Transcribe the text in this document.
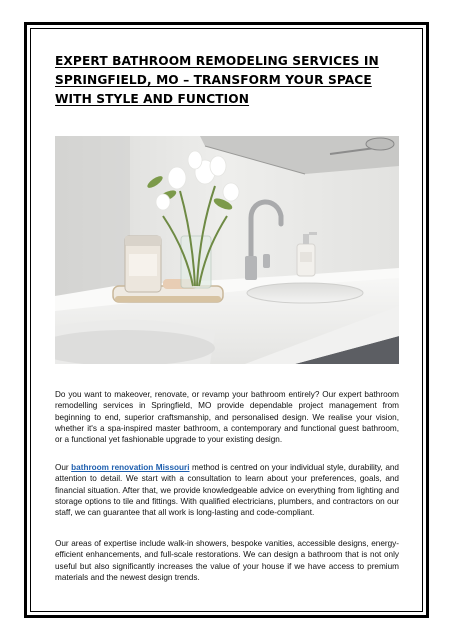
EXPERT BATHROOM REMODELING SERVICES IN SPRINGFIELD, MO – TRANSFORM YOUR SPACE WITH STYLE AND FUNCTION

Do you want to makeover, renovate, or revamp your bathroom entirely? Our expert bathroom remodelling services in Springfield, MO provide dependable project management from beginning to end, superior craftsmanship, and personalised design. We realise your vision, whether it's a spa-inspired master bathroom, a contemporary and functional guest bathroom, or a functional yet fashionable upgrade to your existing design.

Our bathroom renovation Missouri method is centred on your individual style, durability, and attention to detail. We start with a consultation to learn about your preferences, goals, and financial situation. After that, we provide knowledgeable advice on everything from lighting and storage options to tile and fittings. With qualified electricians, plumbers, and contractors on our staff, we can guarantee that all work is long-lasting and code-compliant.

Our areas of expertise include walk-in showers, bespoke vanities, accessible designs, energy-efficient enhancements, and full-scale restorations. We can design a bathroom that is not only useful but also significantly increases the value of your house if we have access to premium materials and the newest design trends.
